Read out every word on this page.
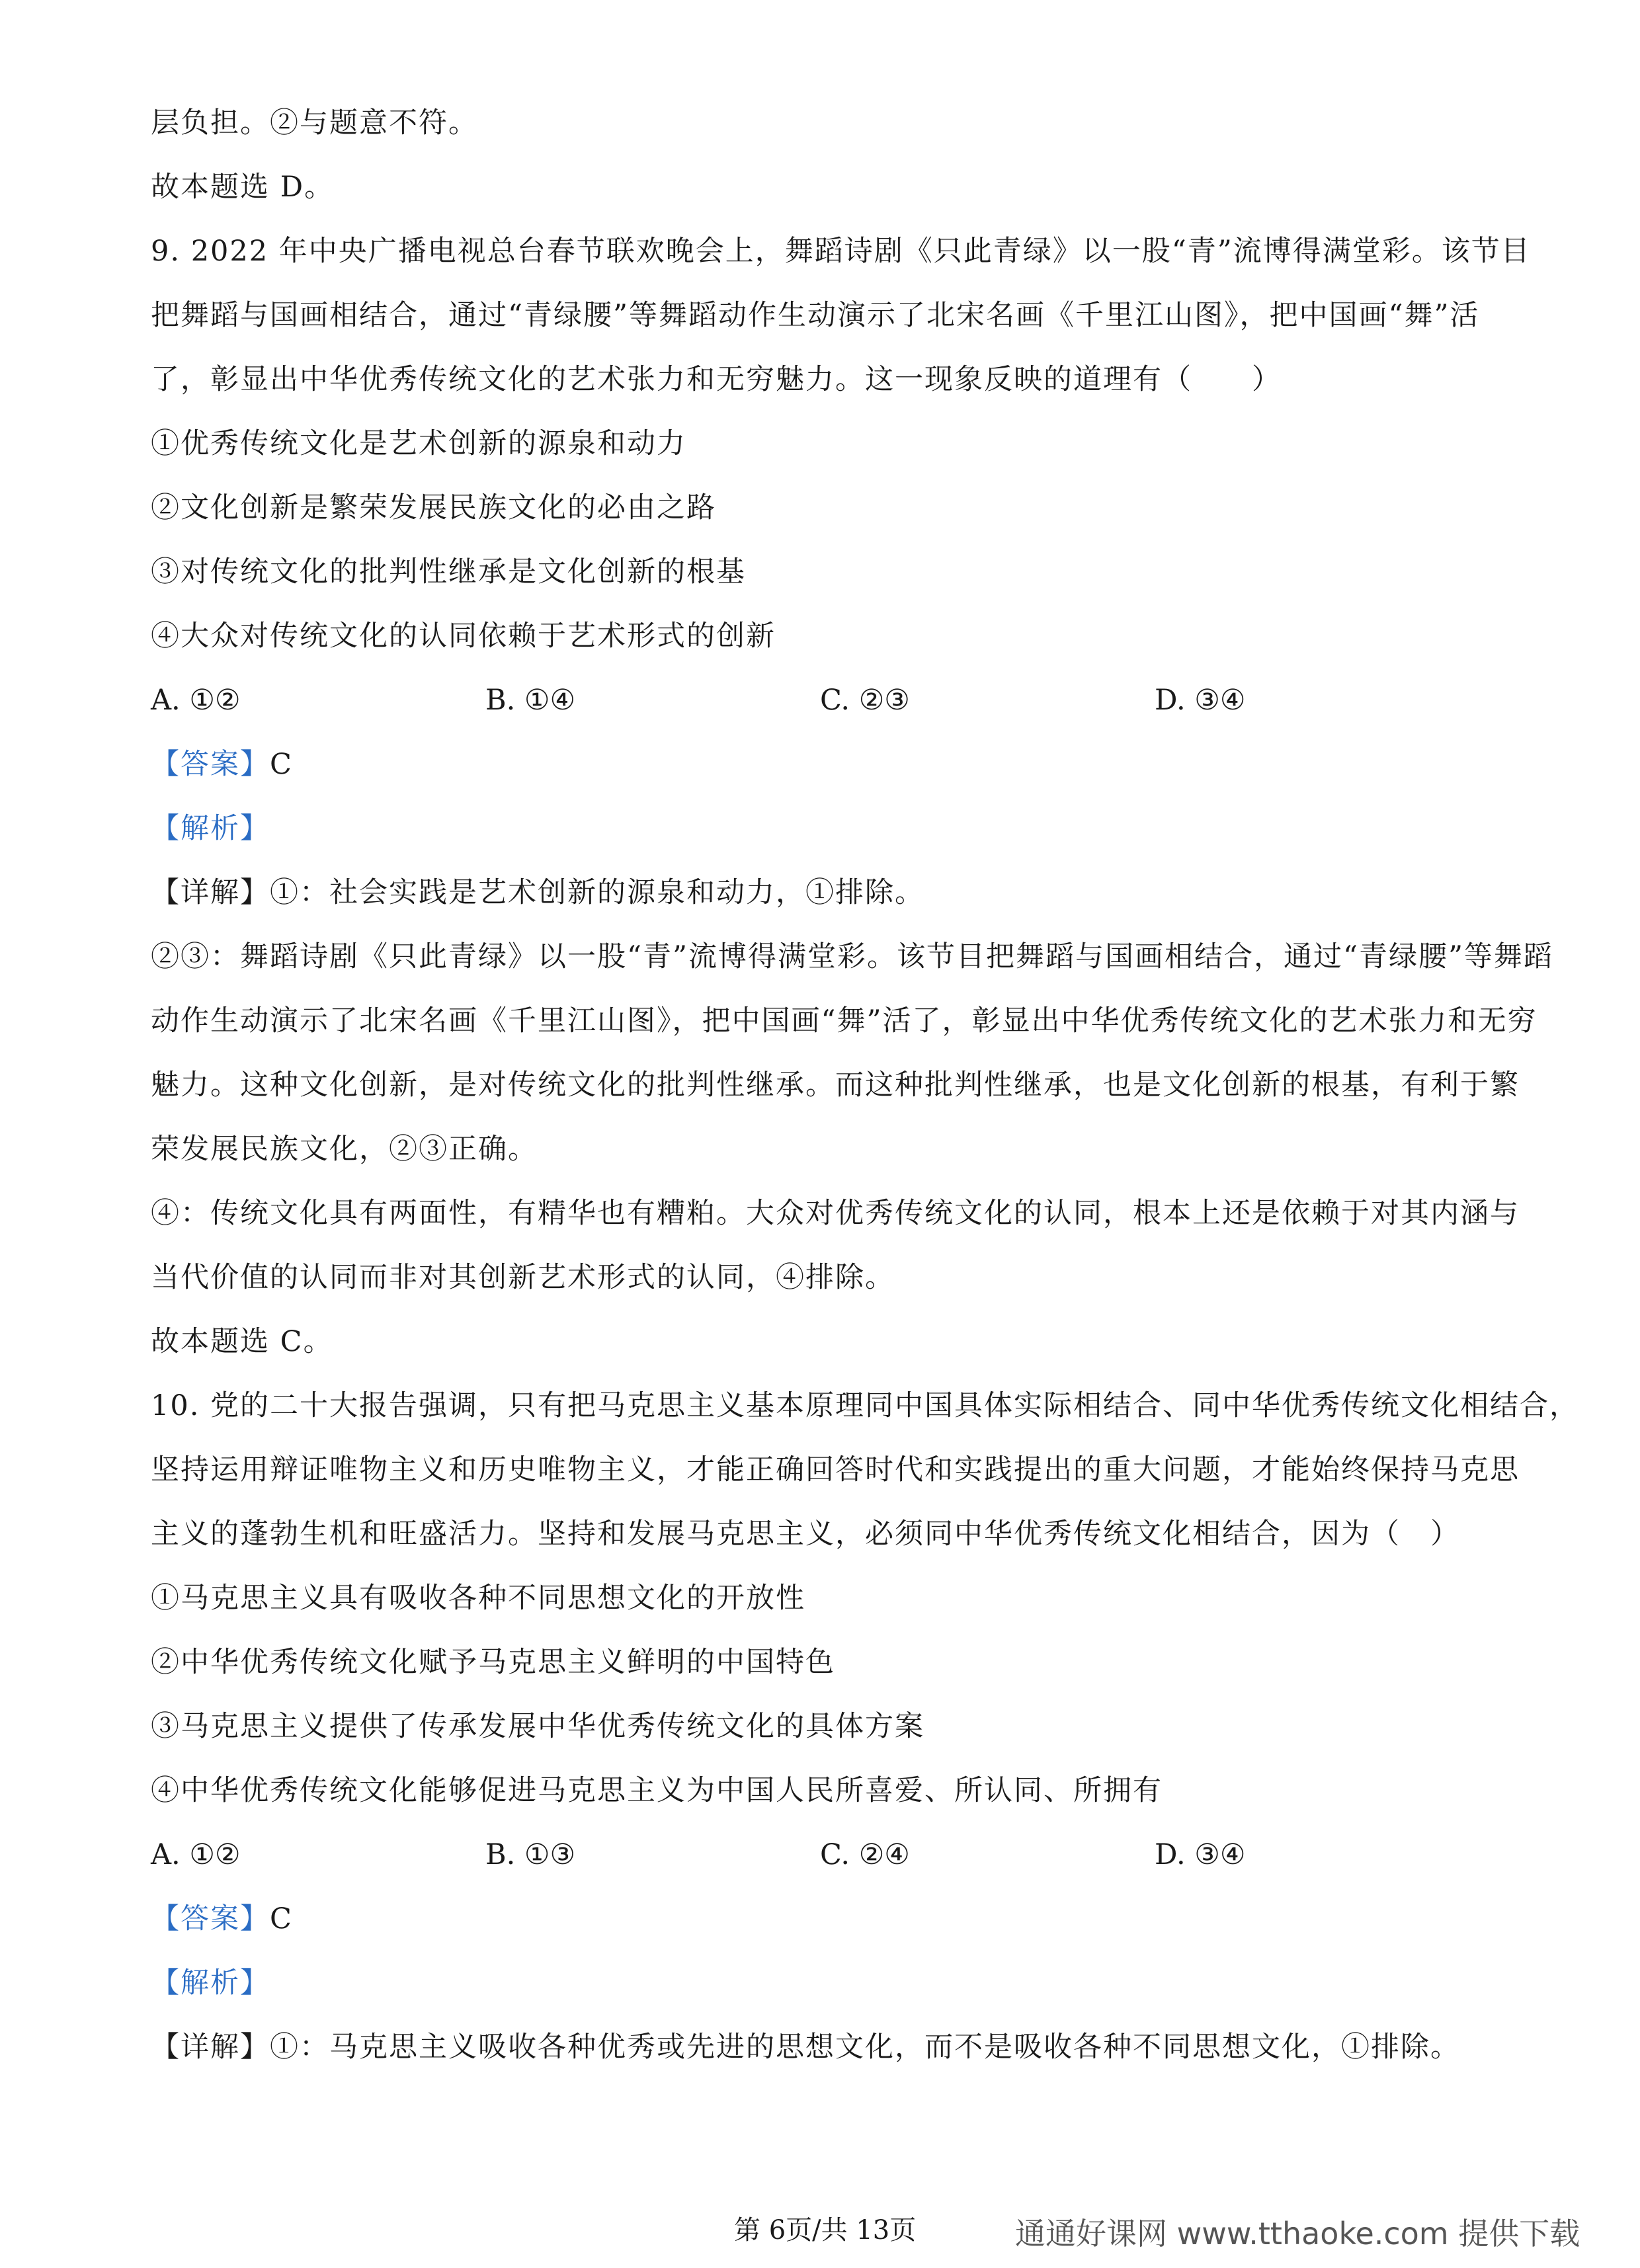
层负担。②与题意不符。
故本题选 D。
9. 2022 年中央广播电视总台春节联欢晚会上，舞蹈诗剧《只此青绿》以一股“青”流博得满堂彩。该节目
把舞蹈与国画相结合，通过“青绿腰”等舞蹈动作生动演示了北宋名画《千里江山图》，把中国画“舞”活
了，彰显出中华优秀传统文化的艺术张力和无穷魅力。这一现象反映的道理有（　　）
①优秀传统文化是艺术创新的源泉和动力
②文化创新是繁荣发展民族文化的必由之路
③对传统文化的批判性继承是文化创新的根基
④大众对传统文化的认同依赖于艺术形式的创新
A. ①②	B. ①④	C. ②③	D. ③④
【答案】C
【解析】
【详解】①：社会实践是艺术创新的源泉和动力，①排除。
②③：舞蹈诗剧《只此青绿》以一股“青”流博得满堂彩。该节目把舞蹈与国画相结合，通过“青绿腰”等舞蹈
动作生动演示了北宋名画《千里江山图》，把中国画“舞”活了，彰显出中华优秀传统文化的艺术张力和无穷
魅力。这种文化创新，是对传统文化的批判性继承。而这种批判性继承，也是文化创新的根基，有利于繁
荣发展民族文化，②③正确。
④：传统文化具有两面性，有精华也有糟粕。大众对优秀传统文化的认同，根本上还是依赖于对其内涵与
当代价值的认同而非对其创新艺术形式的认同，④排除。
故本题选 C。
10. 党的二十大报告强调，只有把马克思主义基本原理同中国具体实际相结合、同中华优秀传统文化相结合，
坚持运用辩证唯物主义和历史唯物主义，才能正确回答时代和实践提出的重大问题，才能始终保持马克思
主义的蓬勃生机和旺盛活力。坚持和发展马克思主义，必须同中华优秀传统文化相结合，因为（　）
①马克思主义具有吸收各种不同思想文化的开放性
②中华优秀传统文化赋予马克思主义鲜明的中国特色
③马克思主义提供了传承发展中华优秀传统文化的具体方案
④中华优秀传统文化能够促进马克思主义为中国人民所喜爱、所认同、所拥有
A. ①②	B. ①③	C. ②④	D. ③④
【答案】C
【解析】
【详解】①：马克思主义吸收各种优秀或先进的思想文化，而不是吸收各种不同思想文化，①排除。
第 6页/共 13页	通通好课网 www.tthaoke.com 提供下载
